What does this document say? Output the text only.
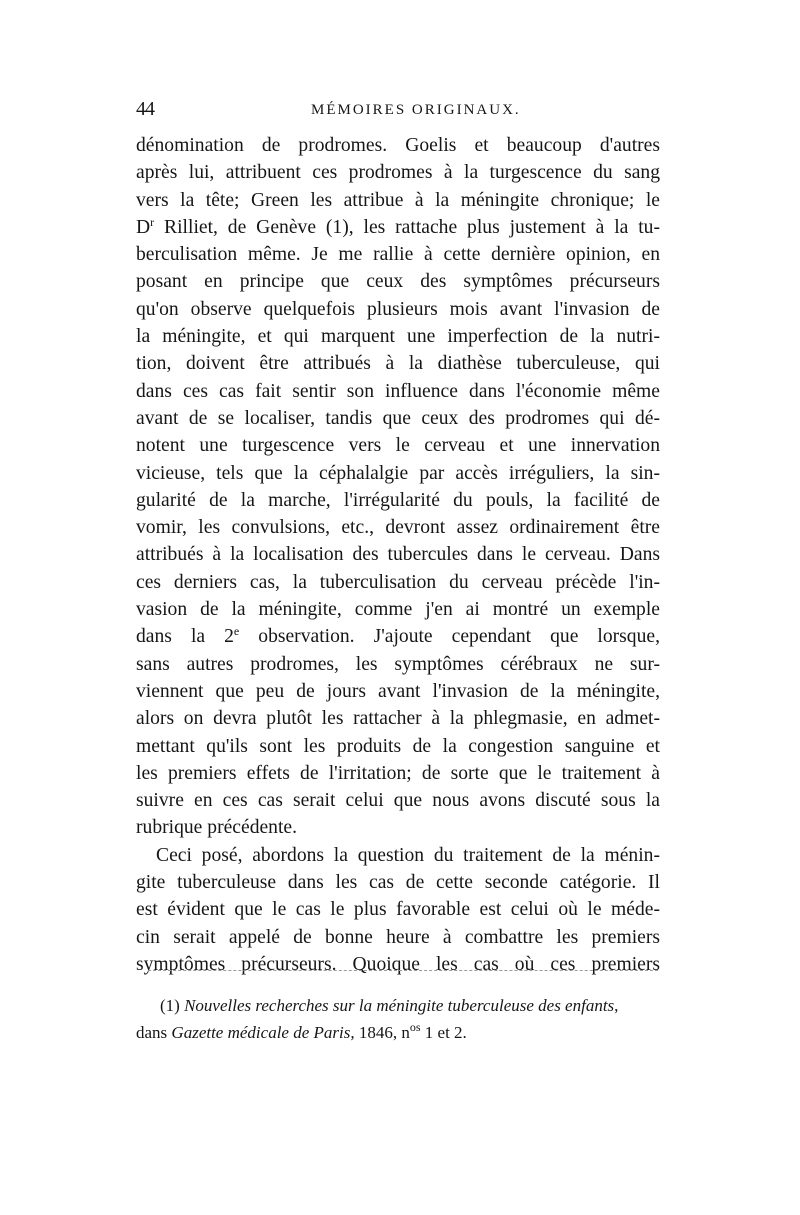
44	MÉMOIRES ORIGINAUX.
dénomination de prodromes. Goelis et beaucoup d'autres
après lui, attribuent ces prodromes à la turgescence du sang
vers la tête; Green les attribue à la méningite chronique; le
$D^r$ Rilliet, de Genève (1), les rattache plus justement à la tu-
berculisation même. Je me rallie à cette dernière opinion, en
posant en principe que ceux des symptômes précurseurs
qu'on observe quelquefois plusieurs mois avant l'invasion de
la méningite, et qui marquent une imperfection de la nutri-
tion, doivent être attribués à la diathèse tuberculeuse, qui
dans ces cas fait sentir son influence dans l'économie même
avant de se localiser, tandis que ceux des prodromes qui dé-
notent une turgescence vers le cerveau et une innervation
vicieuse, tels que la céphalalgie par accès irréguliers, la sin-
gularité de la marche, l'irrégularité du pouls, la facilité de
vomir, les convulsions, etc., devront assez ordinairement être
attribués à la localisation des tubercules dans le cerveau. Dans
ces derniers cas, la tuberculisation du cerveau précède l'in-
vasion de la méningite, comme j'en ai montré un exemple
dans la 2e observation. J'ajoute cependant que lorsque,
sans autres prodromes, les symptômes cérébraux ne sur-
viennent que peu de jours avant l'invasion de la méningite,
alors on devra plutôt les rattacher à la phlegmasie, en admet-
mettant qu'ils sont les produits de la congestion sanguine et
les premiers effets de l'irritation; de sorte que le traitement à
suivre en ces cas serait celui que nous avons discuté sous la
rubrique précédente.
Ceci posé, abordons la question du traitement de la ménin-
gite tuberculeuse dans les cas de cette seconde catégorie. Il
est évident que le cas le plus favorable est celui où le méde-
cin serait appelé de bonne heure à combattre les premiers
symptômes précurseurs. Quoique les cas où ces premiers
(1) Nouvelles recherches sur la méningite tuberculeuse des enfants,
dans Gazette médicale de Paris, 1846, $n^{os}$ 1 et 2.
